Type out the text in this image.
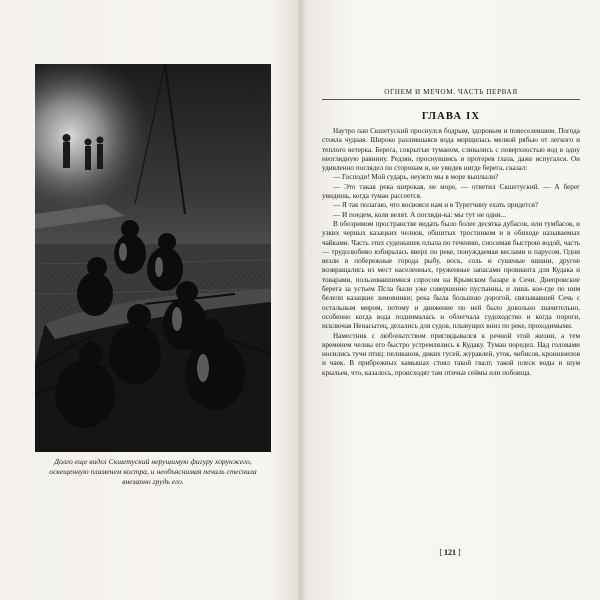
Долго еще видел Скшетуский нерушимую фигуру хорунжего, освещенную пламенем костра, и необъяснимая печаль стеснила внезапно грудь его.

ОГНЕМ И МЕЧОМ. ЧАСТЬ ПЕРВАЯ

ГЛАВА IX

Наутро пан Скшетуский проснулся бодрым, здоровым и повеселевшим. Погода стояла чудная. Широко разлившаяся вода морщилась мелкой рябью от легкого и теплого ветерка. Берега, сокрытые туманом, сливались с поверхностью вод в одну неоглядную равнину. Редзян, проснувшись и протерев глаза, даже испугался. Он удивленно поглядел по сторонам и, не увидев нигде берега, сказал:

— Господи! Мой сударь, неужто мы в море выплыли?

— Это такая река широкая, не море, — ответил Скшетуский. — А берег увидишь, когда туман рассеется.

— Я так полагаю, что восвояси нам и в Туретчину ехать придется?

— И поедем, коли велят. А погляди-ка: мы тут не одни...

В обозримом пространстве видать было более десятка дубасов, или тумбасов, и узких черных казацких челнов, обшитых тростником и в обиходе называемых чайками. Часть этих суденышек плыла по течению, сносимая быстрою водой, часть — трудолюбиво взбиралась вверх по реке, понуждаемая веслами и парусом. Одни везли в побережные города рыбу, воск, соль и сушеные вишни, другие возвращались из мест населенных, груженные запасами провианта для Кудака и товарами, пользовавшимися спросом на Крымском базаре в Сечи. Днепровские берега за устьем Пслa были уже совершенно пустынны, и лишь кое-где по ним белели казацкие зимовники; река была большою дорогой, связывавшей Сечь с остальным миром, потому и движение по ней было довольно значительно, особенно когда вода поднималась и облегчала судоходство и когда пороги, исключая Ненасытец, делались для судов, плывущих вниз по реке, проходимыми.

Наместник с любопытством приглядывался к речной этой жизни, а тем временем челны его быстро устремлялись к Кудаку. Туман поредел. Над головами носились тучи птиц: пеликанов, диких гусей, журавлей, уток, чибисов, кроншнепов и чаек. В прибрежных камышах стоял такой гвалт, такой плеск воды и шум крыльев, что, казалось, происходят там птичьи сеймы или побоища.

[ 121 ]
